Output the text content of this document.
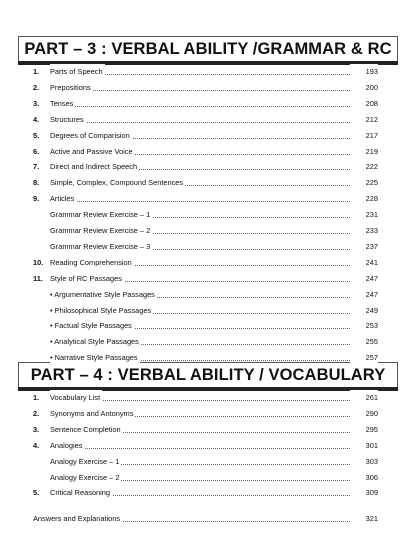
PART – 3 : VERBAL ABILITY /GRAMMAR & RC
1.	Parts of Speech	193
2.	Prepositions	200
3.	Tenses	208
4.	Structures	212
5.	Degrees of Comparision	217
6.	Active and Passive Voice	219
7.	Direct and Indirect Speech	222
8.	Simple, Complex, Compound Sentences	225
9.	Articles	228
Grammar Review Exercise – 1	231
Grammar Review Exercise – 2	233
Grammar Review Exercise – 3	237
10. Reading Comprehension	241
11. Style of RC Passages	247
• Argumentative Style Passages	247
• Philosophical Style Passages	249
• Factual Style Passages	253
• Analytical Style Passages	255
• Narrative Style Passages	257
PART – 4 : VERBAL ABILITY / VOCABULARY
1.	Vocabulary List	261
2.	Synonyms and Antonyms	290
3.	Sentence Completion	295
4.	Analogies	301
Analogy Exercise – 1	303
Analogy Exercise – 2	306
5.	Critical Reasoning	309
Answers and Explanations	321
